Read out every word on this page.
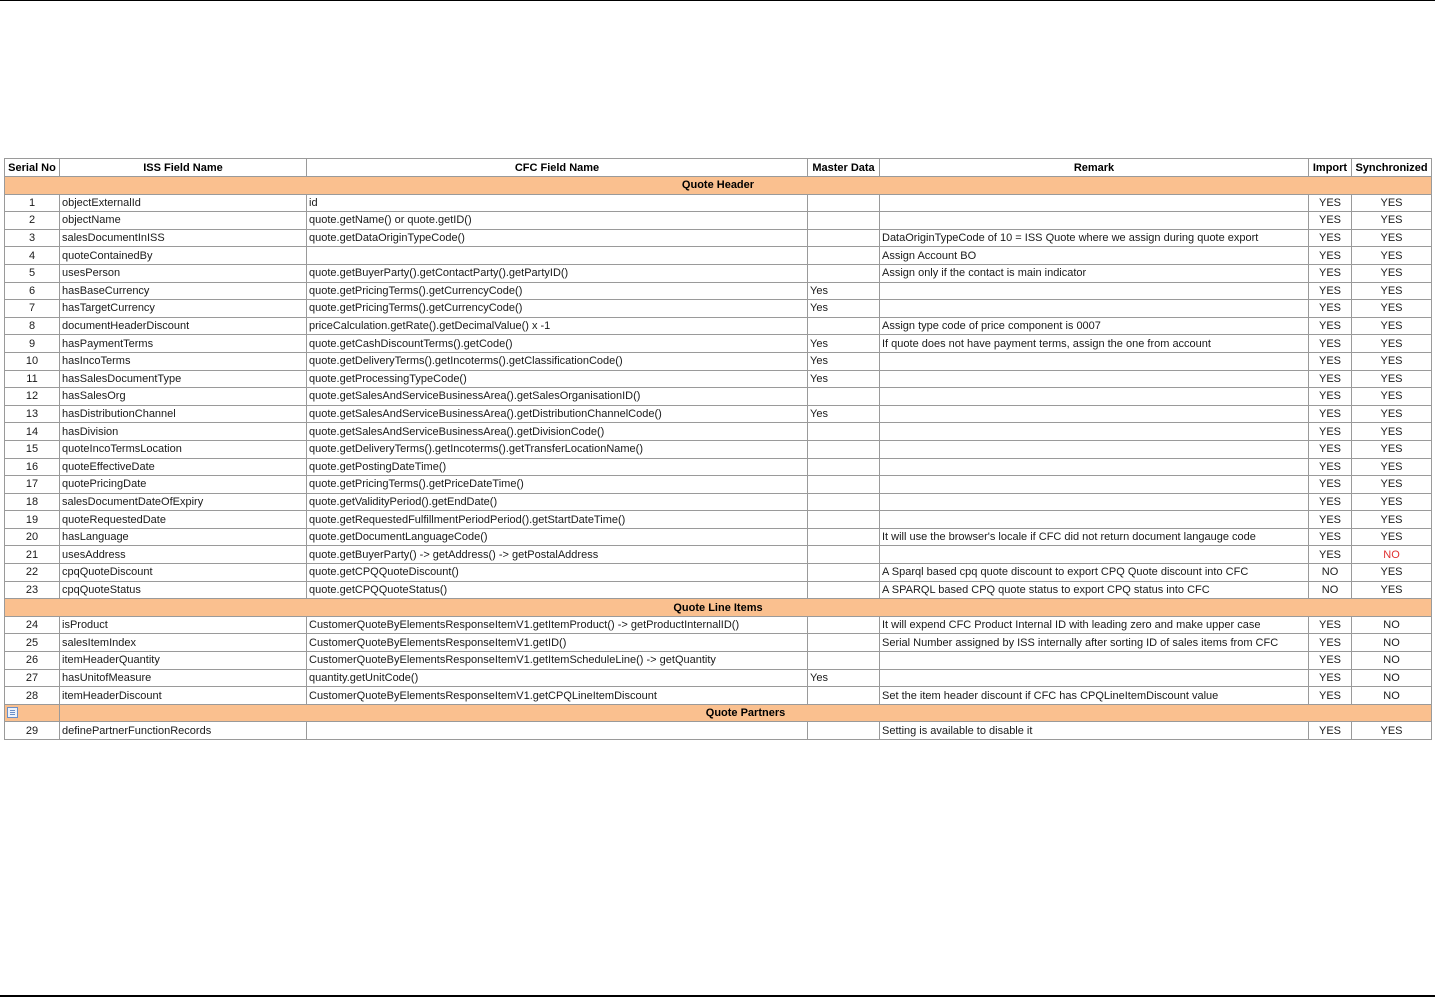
Serial No	ISS Field Name	CFC Field Name	Master Data	Remark	Import	Synchronized
Quote Header						
1	objectExternalId	id			YES	YES
2	objectName	quote.getName() or quote.getID()			YES	YES
3	salesDocumentInISS	quote.getDataOriginTypeCode()		DataOriginTypeCode of 10 = ISS Quote where we assign during quote export	YES	YES
4	quoteContainedBy			Assign Account BO	YES	YES
5	usesPerson	quote.getBuyerParty().getContactParty().getPartyID()		Assign only if the contact is main indicator	YES	YES
6	hasBaseCurrency	quote.getPricingTerms().getCurrencyCode()	Yes		YES	YES
7	hasTargetCurrency	quote.getPricingTerms().getCurrencyCode()	Yes		YES	YES
8	documentHeaderDiscount	priceCalculation.getRate().getDecimalValue() x -1		Assign type code of price component is 0007	YES	YES
9	hasPaymentTerms	quote.getCashDiscountTerms().getCode()	Yes	If quote does not have payment terms, assign the one from account	YES	YES
10	hasIncoTerms	quote.getDeliveryTerms().getIncoterms().getClassificationCode()	Yes		YES	YES
11	hasSalesDocumentType	quote.getProcessingTypeCode()	Yes		YES	YES
12	hasSalesOrg	quote.getSalesAndServiceBusinessArea().getSalesOrganisationID()			YES	YES
13	hasDistributionChannel	quote.getSalesAndServiceBusinessArea().getDistributionChannelCode()	Yes		YES	YES
14	hasDivision	quote.getSalesAndServiceBusinessArea().getDivisionCode()			YES	YES
15	quoteIncoTermsLocation	quote.getDeliveryTerms().getIncoterms().getTransferLocationName()			YES	YES
16	quoteEffectiveDate	quote.getPostingDateTime()			YES	YES
17	quotePricingDate	quote.getPricingTerms().getPriceDateTime()			YES	YES
18	salesDocumentDateOfExpiry	quote.getValidityPeriod().getEndDate()			YES	YES
19	quoteRequestedDate	quote.getRequestedFulfillmentPeriodPeriod().getStartDateTime()			YES	YES
20	hasLanguage	quote.getDocumentLanguageCode()		It will use the browser's locale if CFC did not return document langauge code	YES	YES
21	usesAddress	quote.getBuyerParty() -> getAddress() -> getPostalAddress			YES	NO
22	cpqQuoteDiscount	quote.getCPQQuoteDiscount()		A Sparql based cpq quote discount to export CPQ Quote discount into CFC	NO	YES
23	cpqQuoteStatus	quote.getCPQQuoteStatus()		A SPARQL based CPQ quote status to export CPQ status into CFC	NO	YES
Quote Line Items						
24	isProduct	CustomerQuoteByElementsResponseItemV1.getItemProduct() -> getProductInternalID()		It will expend CFC Product Internal ID with leading zero and make upper case	YES	NO
25	salesItemIndex	CustomerQuoteByElementsResponseItemV1.getID()		Serial Number assigned by ISS internally after sorting ID of sales items from CFC	YES	NO
26	itemHeaderQuantity	CustomerQuoteByElementsResponseItemV1.getItemScheduleLine() -> getQuantity			YES	NO
27	hasUnitofMeasure	quantity.getUnitCode()	Yes		YES	NO
28	itemHeaderDiscount	CustomerQuoteByElementsResponseItemV1.getCPQLineItemDiscount		Set the item header discount if CFC has CPQLineItemDiscount value	YES	NO

	Quote Partners					
29	definePartnerFunctionRecords			Setting is available to disable it	YES	YES
